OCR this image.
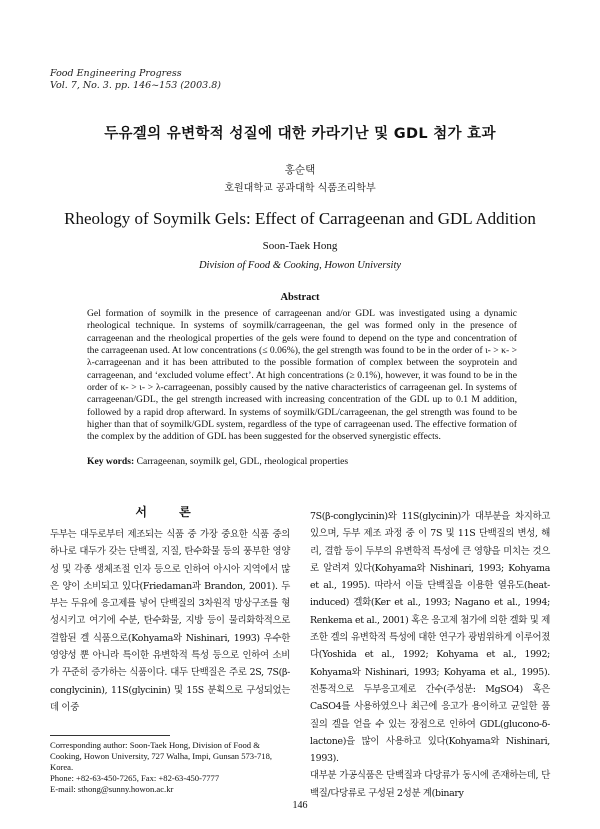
Food Engineering Progress
Vol. 7, No. 3. pp. 146~153 (2003.8)
두유겔의 유변학적 성질에 대한 카라기난 및 GDL 첨가 효과
홍순택
호원대학교 공과대학 식품조리학부
Rheology of Soymilk Gels: Effect of Carrageenan and GDL Addition
Soon-Taek Hong
Division of Food & Cooking, Howon University
Abstract
Gel formation of soymilk in the presence of carrageenan and/or GDL was investigated using a dynamic rheological technique. In systems of soymilk/carrageenan, the gel was formed only in the presence of carrageenan and the rheological properties of the gels were found to depend on the type and concentration of the carrageenan used. At low concentrations (≤ 0.06%), the gel strength was found to be in the order of ι- > κ- > λ-carrageenan and it has been attributed to the possible formation of complex between the soyprotein and carrageenan, and ‘excluded volume effect’. At high concentrations (≥ 0.1%), however, it was found to be in the order of κ- > ι- > λ-carrageenan, possibly caused by the native characteristics of carrageenan gel. In systems of carrageenan/GDL, the gel strength increased with increasing concentration of the GDL up to 0.1 M addition, followed by a rapid drop afterward. In systems of soymilk/GDL/carrageenan, the gel strength was found to be higher than that of soymilk/GDL system, regardless of the type of carrageenan used. The effective formation of the complex by the addition of GDL has been suggested for the observed synergistic effects.
Key words: Carrageenan, soymilk gel, GDL, rheological properties
서 론

두부는 대두로부터 제조되는 식품 중 가장 중요한 식품 중의 하나로 대두가 갖는 단백질, 지질, 탄수화물 등의 풍부한 영양성 및 각종 생체조절 인자 등으로 인하여 아시아 지역에서 많은 양이 소비되고 있다(Friedaman과 Brandon, 2001). 두부는 두유에 응고제를 넣어 단백질의 3차원적 망상구조를 형성시키고 여기에 수분, 탄수화물, 지방 등이 물리화학적으로 결합된 겔 식품으로(Kohyama와 Nishinari, 1993) 우수한 영양성 뿐 아니라 특이한 유변학적 특성 등으로 인하여 소비가 꾸준히 증가하는 식품이다. 대두 단백질은 주로 2S, 7S(β-conglycinin), 11S(glycinin) 및 15S 분획으로 구성되었는데 이중

7S(β-conglycinin)와 11S(glycinin)가 대부분을 차지하고 있으며, 두부 제조 과정 중 이 7S 및 11S 단백질의 변성, 해리, 결합 등이 두부의 유변학적 특성에 큰 영향을 미치는 것으로 알려져 있다(Kohyama와 Nishinari, 1993; Kohyama et al., 1995). 따라서 이들 단백질을 이용한 열유도(heat-induced) 겔화(Ker et al., 1993; Nagano et al., 1994; Renkema et al., 2001) 혹은 응고제 첨가에 의한 겔화 및 제조한 겔의 유변학적 특성에 대한 연구가 광범위하게 이루어졌다(Yoshida et al., 1992; Kohyama et al., 1992; Kohyama와 Nishinari, 1993; Kohyama et al., 1995). 전통적으로 두부응고제로 간수(주성분: MgSO4) 혹은 CaSO4를 사용하였으나 최근에 응고가 용이하고 균일한 품질의 겔을 얻을 수 있는 장점으로 인하여 GDL(glucono-δ-lactone)을 많이 사용하고 있다(Kohyama와 Nishinari, 1993).

대부분 가공식품은 단백질과 다당류가 동시에 존재하는데, 단백질/다당류로 구성된 2성분 계(binary

Corresponding author: Soon-Taek Hong, Division of Food & Cooking, Howon University, 727 Walha, Impi, Gunsan 573-718, Korea.
Phone: +82-63-450-7265, Fax: +82-63-450-7777
E-mail: sthong@sunny.howon.ac.kr
146
